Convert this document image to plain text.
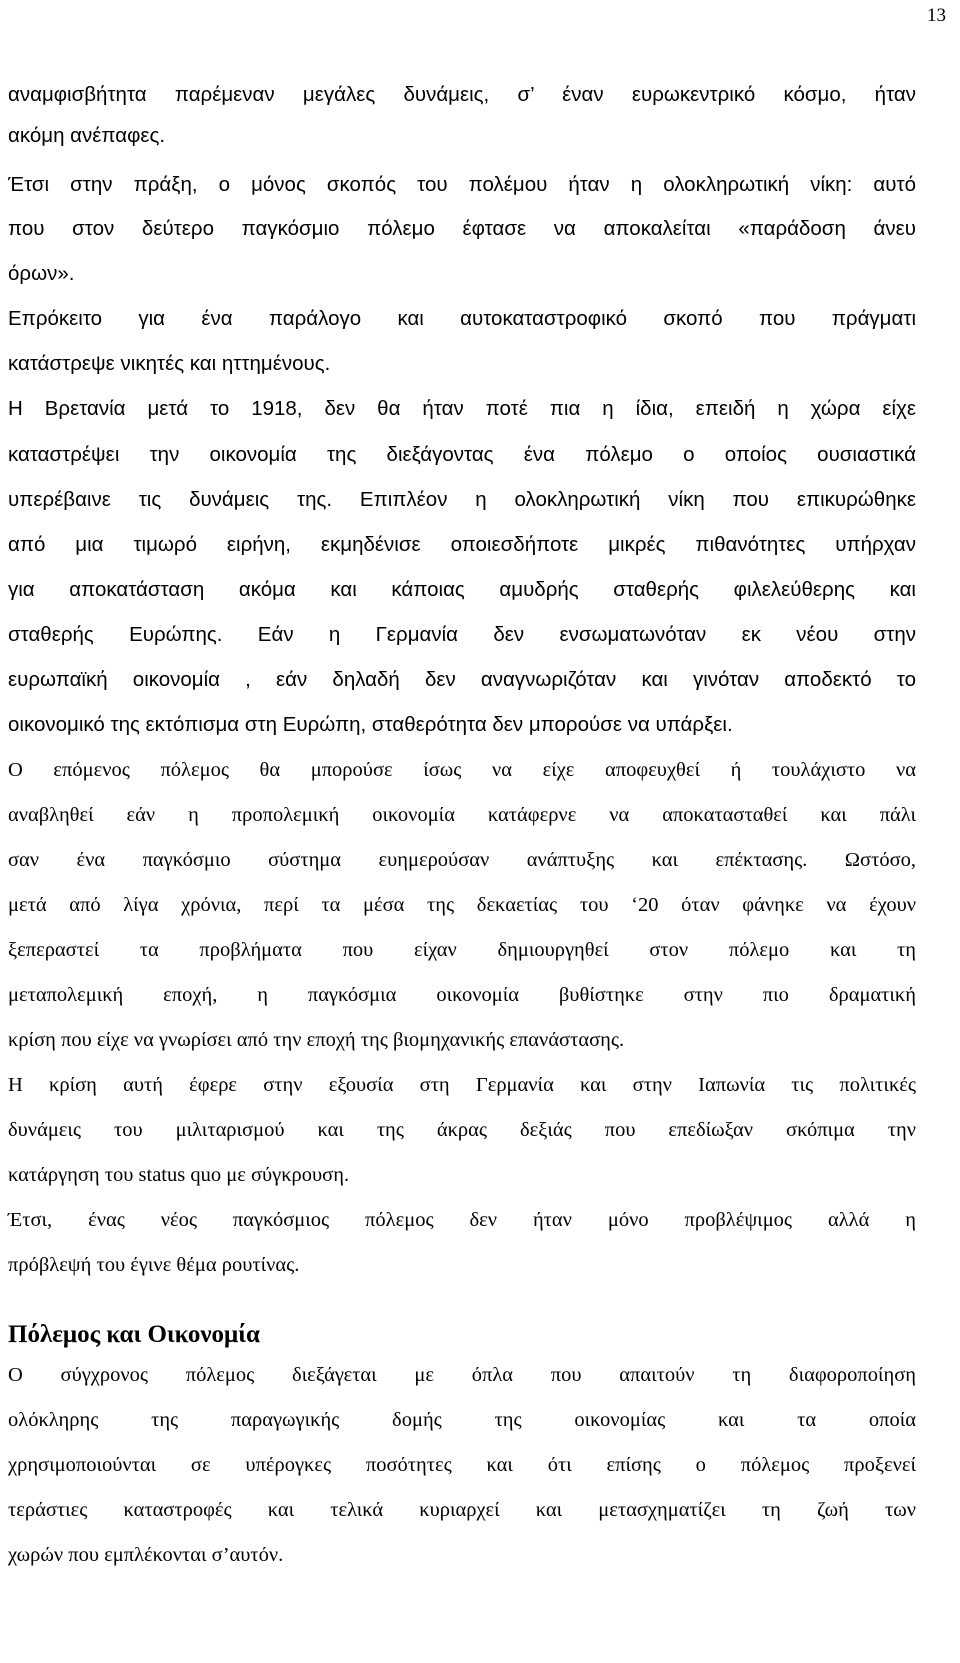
13
αναμφισβήτητα παρέμεναν μεγάλες δυνάμεις, σ’ έναν ευρωκεντρικό κόσμο, ήταν
ακόμη ανέπαφες.
Έτσι στην πράξη, ο μόνος σκοπός του πολέμου ήταν η ολοκληρωτική νίκη: αυτό
που στον δεύτερο παγκόσμιο πόλεμο έφτασε να αποκαλείται «παράδοση άνευ
όρων».
Επρόκειτο για ένα παράλογο και αυτοκαταστροφικό σκοπό που πράγματι
κατάστρεψε νικητές και ηττημένους.
Η Βρετανία μετά το 1918, δεν θα ήταν ποτέ πια η ίδια, επειδή η χώρα είχε
καταστρέψει την οικονομία της διεξάγοντας ένα πόλεμο ο οποίος ουσιαστικά
υπερέβαινε τις δυνάμεις της. Επιπλέον η ολοκληρωτική νίκη που επικυρώθηκε
από μια τιμωρό ειρήνη, εκμηδένισε οποιεσδήποτε μικρές πιθανότητες υπήρχαν
για αποκατάσταση ακόμα και κάποιας αμυδρής σταθερής φιλελεύθερης και
σταθερής Ευρώπης. Εάν η Γερμανία δεν ενσωματωνόταν εκ νέου στην
ευρωπαϊκή οικονομία , εάν δηλαδή δεν αναγνωριζόταν και γινόταν αποδεκτό το
οικονομικό της εκτόπισμα στη Ευρώπη, σταθερότητα δεν μπορούσε να υπάρξει.
Ο επόμενος πόλεμος θα μπορούσε ίσως να είχε αποφευχθεί ή τουλάχιστο να
αναβληθεί εάν η προπολεμική οικονομία κατάφερνε να αποκατασταθεί και πάλι
σαν ένα παγκόσμιο σύστημα ευημερούσαν ανάπτυξης και επέκτασης. Ωστόσο,
μετά από λίγα χρόνια, περί τα μέσα της δεκαετίας του ‘20 όταν φάνηκε να έχουν
ξεπεραστεί τα προβλήματα που είχαν δημιουργηθεί στον πόλεμο και τη
μεταπολεμική εποχή, η παγκόσμια οικονομία βυθίστηκε στην πιο δραματική
κρίση που είχε να γνωρίσει από την εποχή της βιομηχανικής επανάστασης.
Η κρίση αυτή έφερε στην εξουσία στη Γερμανία και στην Ιαπωνία τις πολιτικές
δυνάμεις του μιλιταρισμού και της άκρας δεξιάς που επεδίωξαν σκόπιμα την
κατάργηση του status quo με σύγκρουση.
Έτσι, ένας νέος παγκόσμιος πόλεμος δεν ήταν μόνο προβλέψιμος αλλά η
πρόβλεψή του έγινε θέμα ρουτίνας.
Πόλεμος και Οικονομία
Ο σύγχρονος πόλεμος διεξάγεται με όπλα που απαιτούν τη διαφοροποίηση
ολόκληρης της παραγωγικής δομής της οικονομίας και τα οποία
χρησιμοποιούνται σε υπέρογκες ποσότητες και ότι επίσης ο πόλεμος προξενεί
τεράστιες καταστροφές και τελικά κυριαρχεί και μετασχηματίζει τη ζωή των
χωρών που εμπλέκονται σ’αυτόν.
